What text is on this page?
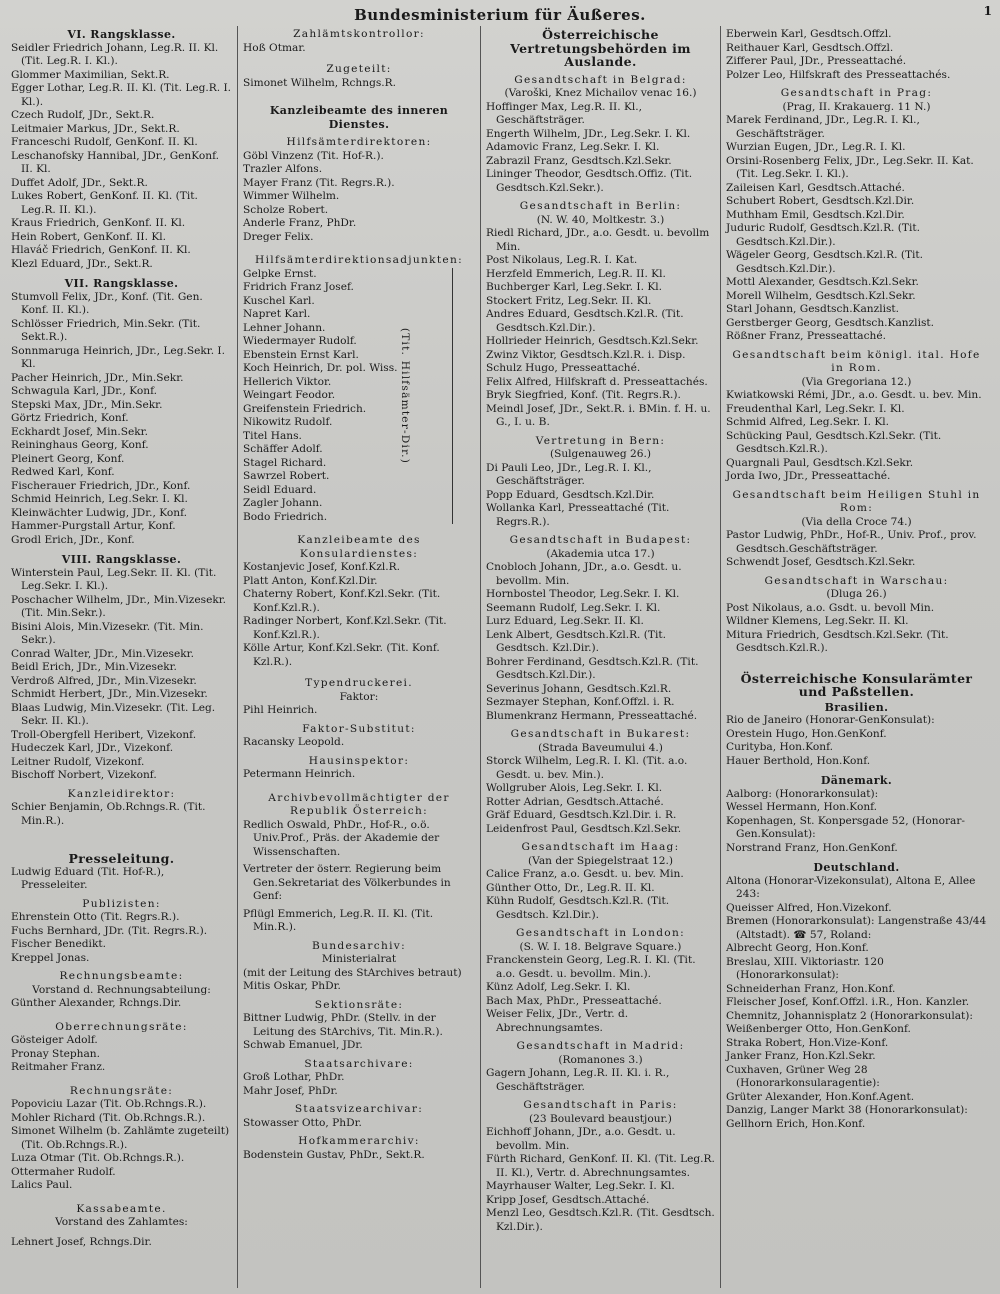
Bundesministerium für Äußeres.	1
VI. Rangsklasse.
Seidler Friedrich Johann, Leg.R. II. Kl. (Tit. Leg.R. I. Kl.).
Glommer Maximilian, Sekt.R.
Egger Lothar, Leg.R. II. Kl. (Tit. Leg.R. I. Kl.).
Czech Rudolf, JDr., Sekt.R.
Leitmaier Markus, JDr., Sekt.R.
Franceschi Rudolf, GenKonf. II. Kl.
Leschanofsky Hannibal, JDr., GenKonf. II. Kl.
Duffet Adolf, JDr., Sekt.R.
Lukes Robert, GenKonf. II. Kl. (Tit. Leg.R. II. Kl.).
Kraus Friedrich, GenKonf. II. Kl.
Hein Robert, GenKonf. II. Kl.
Hlaváč Friedrich, GenKonf. II. Kl.
Klezl Eduard, JDr., Sekt.R.
VII. Rangsklasse.
Stumvoll Felix, JDr., Konf. (Tit. Gen. Konf. II. Kl.).
Schlösser Friedrich, Min.Sekr. (Tit. Sekt.R.).
Sonnmaruga Heinrich, JDr., Leg.Sekr. I. Kl.
Pacher Heinrich, JDr., Min.Sekr.
Schwagula Karl, JDr., Konf.
Stepski Max, JDr., Min.Sekr.
Görtz Friedrich, Konf.
Eckhardt Josef, Min.Sekr.
Reininghaus Georg, Konf.
Pleinert Georg, Konf.
Redwed Karl, Konf.
Fischerauer Friedrich, JDr., Konf.
Schmid Heinrich, Leg.Sekr. I. Kl.
Kleinwächter Ludwig, JDr., Konf.
Hammer-Purgstall Artur, Konf.
Grodl Erich, JDr., Konf.
VIII. Rangsklasse.
Winterstein Paul, Leg.Sekr. II. Kl. (Tit. Leg.Sekr. I. Kl.).
Poschacher Wilhelm, JDr., Min.Vizesekr. (Tit. Min.Sekr.).
Bisini Alois, Min.Vizesekr. (Tit. Min. Sekr.).
Conrad Walter, JDr., Min.Vizesekr.
Beidl Erich, JDr., Min.Vizesekr.
Verdroß Alfred, JDr., Min.Vizesekr.
Schmidt Herbert, JDr., Min.Vizesekr.
Blaas Ludwig, Min.Vizesekr. (Tit. Leg. Sekr. II. Kl.).
Troll-Obergfell Heribert, Vizekonf.
Hudeczek Karl, JDr., Vizekonf.
Leitner Rudolf, Vizekonf.
Bischoff Norbert, Vizekonf.
Kanzleidirektor:
Schier Benjamin, Ob.Rchngs.R. (Tit. Min.R.).
Presseleitung.
Ludwig Eduard (Tit. Hof-R.), Presseleiter.
Publizisten:
Ehrenstein Otto (Tit. Regrs.R.).
Fuchs Bernhard, JDr. (Tit. Regrs.R.).
Fischer Benedikt.
Kreppel Jonas.
Rechnungsbeamte:
Vorstand d. Rechnungsabteilung:
Günther Alexander, Rchngs.Dir.
Oberrechnungsräte:
Gösteiger Adolf.
Pronay Stephan.
Reitmaher Franz.
Rechnungsräte:
Popoviciu Lazar (Tit. Ob.Rchngs.R.).
Mohler Richard (Tit. Ob.Rchngs.R.).
Simonet Wilhelm (b. Zahlämte zugeteilt) (Tit. Ob.Rchngs.R.).
Luza Otmar (Tit. Ob.Rchngs.R.).
Ottermaher Rudolf.
Lalics Paul.
Kassabeamte.
Vorstand des Zahlamtes:
Lehnert Josef, Rchngs.Dir.
Zahlämtskontrollor:
Hoß Otmar.
Zugeteilt:
Simonet Wilhelm, Rchngs.R.
Kanzleibeamte des inneren Dienstes.
Hilfsämterdirektoren:
Göbl Vinzenz (Tit. Hof-R.).
Trazler Alfons.
Mayer Franz (Tit. Regrs.R.).
Wimmer Wilhelm.
Scholze Robert.
Anderle Franz, PhDr.
Dreger Felix.
Hilfsämterdirektionsadjunkten:
Gelpke Ernst.
Fridrich Franz Josef.
Kuschel Karl.
Napret Karl.
Lehner Johann.
Wiedermayer Rudolf.
Ebenstein Ernst Karl.
Koch Heinrich, Dr. pol. Wiss.
Hellerich Viktor.
Weingart Feodor.
Greifenstein Friedrich.
Nikowitz Rudolf.
Titel Hans.
Schäffer Adolf.
Stagel Richard.
Sawrzel Robert.
Seidl Eduard.
Zagler Johann.
Bodo Friedrich.
(Tit. Hilfsämter-Dir.)
Kanzleibeamte des Konsulardienstes:
Kostanjevic Josef, Konf.Kzl.R.
Platt Anton, Konf.Kzl.Dir.
Chaterny Robert, Konf.Kzl.Sekr. (Tit. Konf.Kzl.R.).
Radinger Norbert, Konf.Kzl.Sekr. (Tit. Konf.Kzl.R.).
Kölle Artur, Konf.Kzl.Sekr. (Tit. Konf. Kzl.R.).
Typendruckerei.
Faktor:
Pihl Heinrich.
Faktor-Substitut:
Racansky Leopold.
Hausinspektor:
Petermann Heinrich.
Archivbevollmächtigter der Republik Österreich:
Redlich Oswald, PhDr., Hof-R., o.ö. Univ.Prof., Präs. der Akademie der Wissenschaften.
Vertreter der österr. Regierung beim Gen.Sekretariat des Völkerbundes in Genf:
Pflügl Emmerich, Leg.R. II. Kl. (Tit. Min.R.).
Bundesarchiv:
Ministerialrat
(mit der Leitung des StArchives betraut)
Mitis Oskar, PhDr.
Sektionsräte:
Bittner Ludwig, PhDr. (Stellv. in der Leitung des StArchivs, Tit. Min.R.).
Schwab Emanuel, JDr.
Staatsarchivare:
Groß Lothar, PhDr.
Mahr Josef, PhDr.
Staatsvizearchivar:
Stowasser Otto, PhDr.
Hofkammerarchiv:
Bodenstein Gustav, PhDr., Sekt.R.
Österreichische Vertretungsbehörden im Auslande.
Gesandtschaft in Belgrad:
(Varoški, Knez Michailov venac 16.)
Hoffinger Max, Leg.R. II. Kl., Geschäftsträger.
Engerth Wilhelm, JDr., Leg.Sekr. I. Kl.
Adamovic Franz, Leg.Sekr. I. Kl.
Zabrazil Franz, Gesdtsch.Kzl.Sekr.
Lininger Theodor, Gesdtsch.Offiz. (Tit. Gesdtsch.Kzl.Sekr.).
Gesandtschaft in Berlin:
(N. W. 40, Moltkestr. 3.)
Riedl Richard, JDr., a.o. Gesdt. u. bevollm Min.
Post Nikolaus, Leg.R. I. Kat.
Herzfeld Emmerich, Leg.R. II. Kl.
Buchberger Karl, Leg.Sekr. I. Kl.
Stockert Fritz, Leg.Sekr. II. Kl.
Andres Eduard, Gesdtsch.Kzl.R. (Tit. Gesdtsch.Kzl.Dir.).
Hollrieder Heinrich, Gesdtsch.Kzl.Sekr.
Zwinz Viktor, Gesdtsch.Kzl.R. i. Disp.
Schulz Hugo, Presseattaché.
Felix Alfred, Hilfskraft d. Presseattachés.
Bryk Siegfried, Konf. (Tit. Regrs.R.).
Meindl Josef, JDr., Sekt.R. i. BMin. f. H. u. G., I. u. B.
Vertretung in Bern:
(Sulgenauweg 26.)
Di Pauli Leo, JDr., Leg.R. I. Kl., Geschäftsträger.
Popp Eduard, Gesdtsch.Kzl.Dir.
Wollanka Karl, Presseattaché (Tit. Regrs.R.).
Gesandtschaft in Budapest:
(Akademia utca 17.)
Cnobloch Johann, JDr., a.o. Gesdt. u. bevollm. Min.
Hornbostel Theodor, Leg.Sekr. I. Kl.
Seemann Rudolf, Leg.Sekr. I. Kl.
Lurz Eduard, Leg.Sekr. II. Kl.
Lenk Albert, Gesdtsch.Kzl.R. (Tit. Gesdtsch. Kzl.Dir.).
Bohrer Ferdinand, Gesdtsch.Kzl.R. (Tit. Gesdtsch.Kzl.Dir.).
Severinus Johann, Gesdtsch.Kzl.R.
Sezmayer Stephan, Konf.Offzl. i. R.
Blumenkranz Hermann, Presseattaché.
Gesandtschaft in Bukarest:
(Strada Baveumului 4.)
Storck Wilhelm, Leg.R. I. Kl. (Tit. a.o. Gesdt. u. bev. Min.).
Wollgruber Alois, Leg.Sekr. I. Kl.
Rotter Adrian, Gesdtsch.Attaché.
Gräf Eduard, Gesdtsch.Kzl.Dir. i. R.
Leidenfrost Paul, Gesdtsch.Kzl.Sekr.
Gesandtschaft im Haag:
(Van der Spiegelstraat 12.)
Calice Franz, a.o. Gesdt. u. bev. Min.
Günther Otto, Dr., Leg.R. II. Kl.
Kühn Rudolf, Gesdtsch.Kzl.R. (Tit. Gesdtsch. Kzl.Dir.).
Gesandtschaft in London:
(S. W. I. 18. Belgrave Square.)
Franckenstein Georg, Leg.R. I. Kl. (Tit. a.o. Gesdt. u. bevollm. Min.).
Künz Adolf, Leg.Sekr. I. Kl.
Bach Max, PhDr., Presseattaché.
Weiser Felix, JDr., Vertr. d. Abrechnungsamtes.
Gesandtschaft in Madrid:
(Romanones 3.)
Gagern Johann, Leg.R. II. Kl. i. R., Geschäftsträger.
Gesandtschaft in Paris:
(23 Boulevard beaustjour.)
Eichhoff Johann, JDr., a.o. Gesdt. u. bevollm. Min.
Fürth Richard, GenKonf. II. Kl. (Tit. Leg.R. II. Kl.), Vertr. d. Abrechnungsamtes.
Mayrhauser Walter, Leg.Sekr. I. Kl.
Kripp Josef, Gesdtsch.Attaché.
Menzl Leo, Gesdtsch.Kzl.R. (Tit. Gesdtsch. Kzl.Dir.).
Eberwein Karl, Gesdtsch.Offzl.
Reithauer Karl, Gesdtsch.Offzl.
Zifferer Paul, JDr., Presseattaché.
Polzer Leo, Hilfskraft des Presseattachés.
Gesandtschaft in Prag:
(Prag, II. Krakauerg. 11 N.)
Marek Ferdinand, JDr., Leg.R. I. Kl., Geschäftsträger.
Wurzian Eugen, JDr., Leg.R. I. Kl.
Orsini-Rosenberg Felix, JDr., Leg.Sekr. II. Kat. (Tit. Leg.Sekr. I. Kl.).
Zaileisen Karl, Gesdtsch.Attaché.
Schubert Robert, Gesdtsch.Kzl.Dir.
Muthham Emil, Gesdtsch.Kzl.Dir.
Juduric Rudolf, Gesdtsch.Kzl.R. (Tit. Gesdtsch.Kzl.Dir.).
Wägeler Georg, Gesdtsch.Kzl.R. (Tit. Gesdtsch.Kzl.Dir.).
Mottl Alexander, Gesdtsch.Kzl.Sekr.
Morell Wilhelm, Gesdtsch.Kzl.Sekr.
Starl Johann, Gesdtsch.Kanzlist.
Gerstberger Georg, Gesdtsch.Kanzlist.
Rößner Franz, Presseattaché.
Gesandtschaft beim königl. ital. Hofe in Rom.
(Via Gregoriana 12.)
Kwiatkowski Rémi, JDr., a.o. Gesdt. u. bev. Min.
Freudenthal Karl, Leg.Sekr. I. Kl.
Schmid Alfred, Leg.Sekr. I. Kl.
Schücking Paul, Gesdtsch.Kzl.Sekr. (Tit. Gesdtsch.Kzl.R.).
Quargnali Paul, Gesdtsch.Kzl.Sekr.
Jorda Iwo, JDr., Presseattaché.
Gesandtschaft beim Heiligen Stuhl in Rom:
(Via della Croce 74.)
Pastor Ludwig, PhDr., Hof-R., Univ. Prof., prov. Gesdtsch.Geschäftsträger.
Schwendt Josef, Gesdtsch.Kzl.Sekr.
Gesandtschaft in Warschau:
(Dluga 26.)
Post Nikolaus, a.o. Gsdt. u. bevoll Min.
Wildner Klemens, Leg.Sekr. II. Kl.
Mitura Friedrich, Gesdtsch.Kzl.Sekr. (Tit. Gesdtsch.Kzl.R.).
Österreichische Konsularämter und Paßstellen.
Brasilien.
Rio de Janeiro (Honorar-GenKonsulat):
Orestein Hugo, Hon.GenKonf.
Curityba, Hon.Konf.
Hauer Berthold, Hon.Konf.
Dänemark.
Aalborg: (Honorarkonsulat):
Wessel Hermann, Hon.Konf.
Kopenhagen, St. Konpersgade 52, (Honorar-Gen.Konsulat):
Norstrand Franz, Hon.GenKonf.
Deutschland.
Altona (Honorar-Vizekonsulat), Altona E, Allee 243:
Queisser Alfred, Hon.Vizekonf.
Bremen (Honorarkonsulat): Langenstraße 43/44 (Altstadt). ☎ 57, Roland:
Albrecht Georg, Hon.Konf.
Breslau, XIII. Viktoriastr. 120 (Honorarkonsulat):
Schneiderhan Franz, Hon.Konf.
Fleischer Josef, Konf.Offzl. i.R., Hon. Kanzler.
Chemnitz, Johannisplatz 2 (Honorarkonsulat):
Weißenberger Otto, Hon.GenKonf.
Straka Robert, Hon.Vize-Konf.
Janker Franz, Hon.Kzl.Sekr.
Cuxhaven, Grüner Weg 28 (Honorarkonsularagentie):
Grüter Alexander, Hon.Konf.Agent.
Danzig, Langer Markt 38 (Honorarkonsulat):
Gellhorn Erich, Hon.Konf.
